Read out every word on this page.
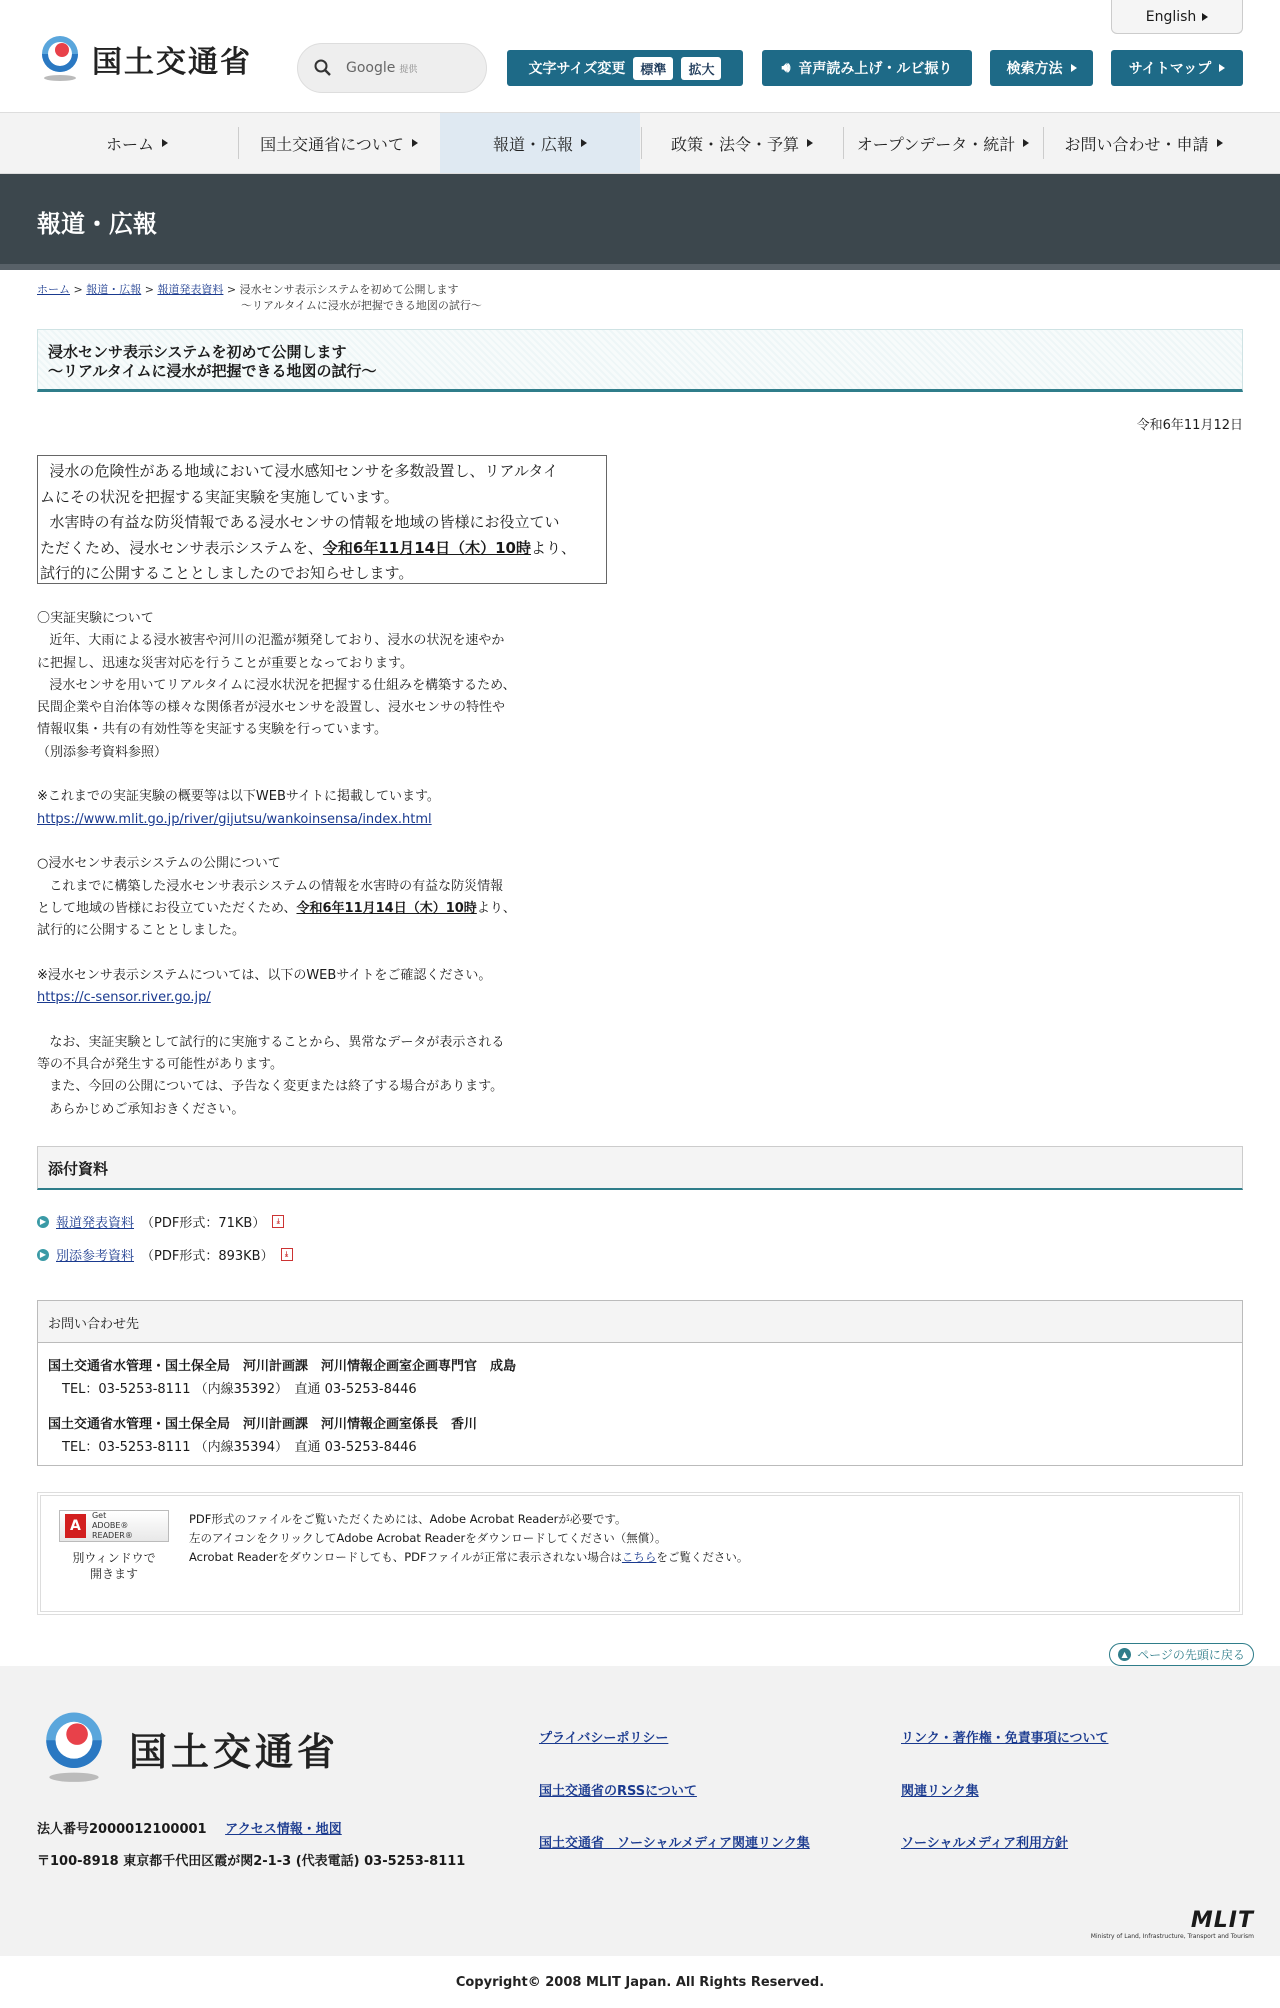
国土交通省
English
Google 提供	文字サイズ変更	標準	拡大	🔊︎ 音声読み上げ・ルビ振り	検索方法	サイトマップ
ホーム	国土交通省について	報道・広報	政策・法令・予算	オープンデータ・統計	お問い合わせ・申請
報道・広報
ホーム > 報道・広報 > 報道発表資料 > 浸水センサ表示システムを初めて公開します
～リアルタイムに浸水が把握できる地図の試行～
浸水センサ表示システムを初めて公開します
～リアルタイムに浸水が把握できる地図の試行～
令和6年11月12日

浸水の危険性がある地域において浸水感知センサを多数設置し、リアルタイ

ムにその状況を把握する実証実験を実施しています。

水害時の有益な防災情報である浸水センサの情報を地域の皆様にお役立てい

ただくため、浸水センサ表示システムを、令和6年11月14日（木）10時より、

試行的に公開することとしましたのでお知らせします。

〇実証実験について
近年、大雨による浸水被害や河川の氾濫が頻発しており、浸水の状況を速やか
に把握し、迅速な災害対応を行うことが重要となっております。
浸水センサを用いてリアルタイムに浸水状況を把握する仕組みを構築するため、
民間企業や自治体等の様々な関係者が浸水センサを設置し、浸水センサの特性や
情報収集・共有の有効性等を実証する実験を行っています。
（別添参考資料参照）

※これまでの実証実験の概要等は以下WEBサイトに掲載しています。
https://www.mlit.go.jp/river/gijutsu/wankoinsensa/index.html

○浸水センサ表示システムの公開について
これまでに構築した浸水センサ表示システムの情報を水害時の有益な防災情報
として地域の皆様にお役立ていただくため、令和6年11月14日（木）10時より、
試行的に公開することとしました。

※浸水センサ表示システムについては、以下のWEBサイトをご確認ください。
https://c-sensor.river.go.jp/

なお、実証実験として試行的に実施することから、異常なデータが表示される
等の不具合が発生する可能性があります。
また、今回の公開については、予告なく変更または終了する場合があります。
あらかじめご承知おきください。
添付資料
▶ 報道発表資料 （PDF形式：71KB）	⤓
▶ 別添参考資料 （PDF形式：893KB）	⤓
お問い合わせ先
国土交通省水管理・国土保全局　河川計画課　河川情報企画室企画専門官　成島
TEL：03-5253-8111 （内線35392）　直通 03-5253-8446
国土交通省水管理・国土保全局　河川計画課　河川情報企画室係長　香川
TEL：03-5253-8111 （内線35394）　直通 03-5253-8446
A
Get
ADOBE® READER®
別ウィンドウで
開きます
PDF形式のファイルをご覧いただくためには、Adobe Acrobat Readerが必要です。
左のアイコンをクリックしてAdobe Acrobat Readerをダウンロードしてください（無償）。
Acrobat Readerをダウンロードしても、PDFファイルが正常に表示されない場合はこちらをご覧ください。
▲ ページの先頭に戻る
国土交通省
法人番号2000012100001 アクセス情報・地図
〒100-8918 東京都千代田区霞が関2-1-3 (代表電話) 03-5253-8111
プライバシーポリシー	リンク・著作権・免責事項について
国土交通省のRSSについて	関連リンク集
国土交通省　ソーシャルメディア関連リンク集	ソーシャルメディア利用方針
MLIT
Ministry of Land, Infrastructure, Transport and Tourism
Copyright© 2008 MLIT Japan. All Rights Reserved.
